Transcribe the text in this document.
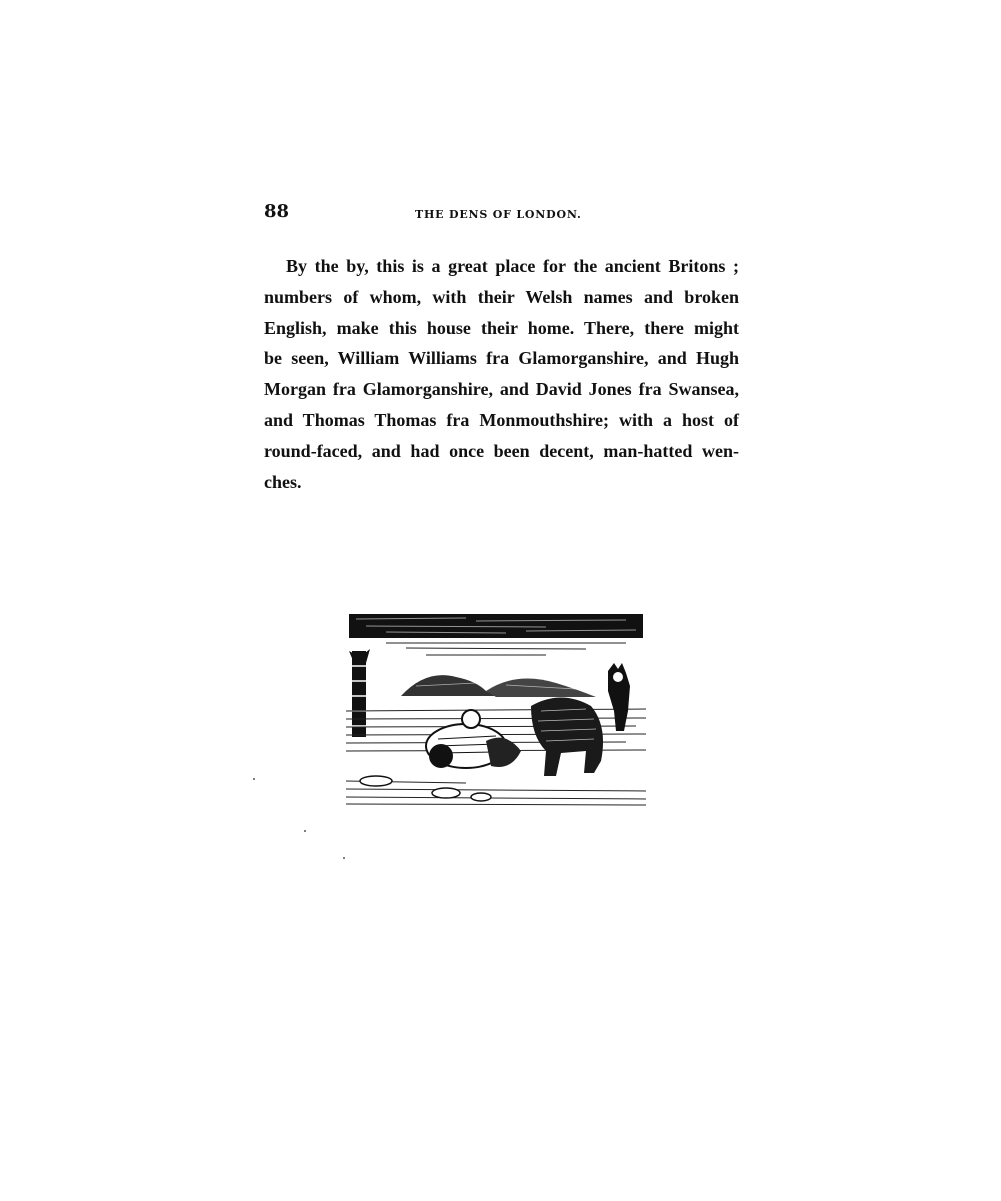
88	THE DENS OF LONDON.
By the by, this is a great place for the ancient Britons ;
numbers of whom, with their Welsh names and broken
English, make this house their home. There, there might
be seen, William Williams fra Glamorganshire, and Hugh
Morgan fra Glamorganshire, and David Jones fra Swansea,
and Thomas Thomas fra Monmouthshire; with a host of
round-faced, and had once been decent, man-hatted wen-
ches.
